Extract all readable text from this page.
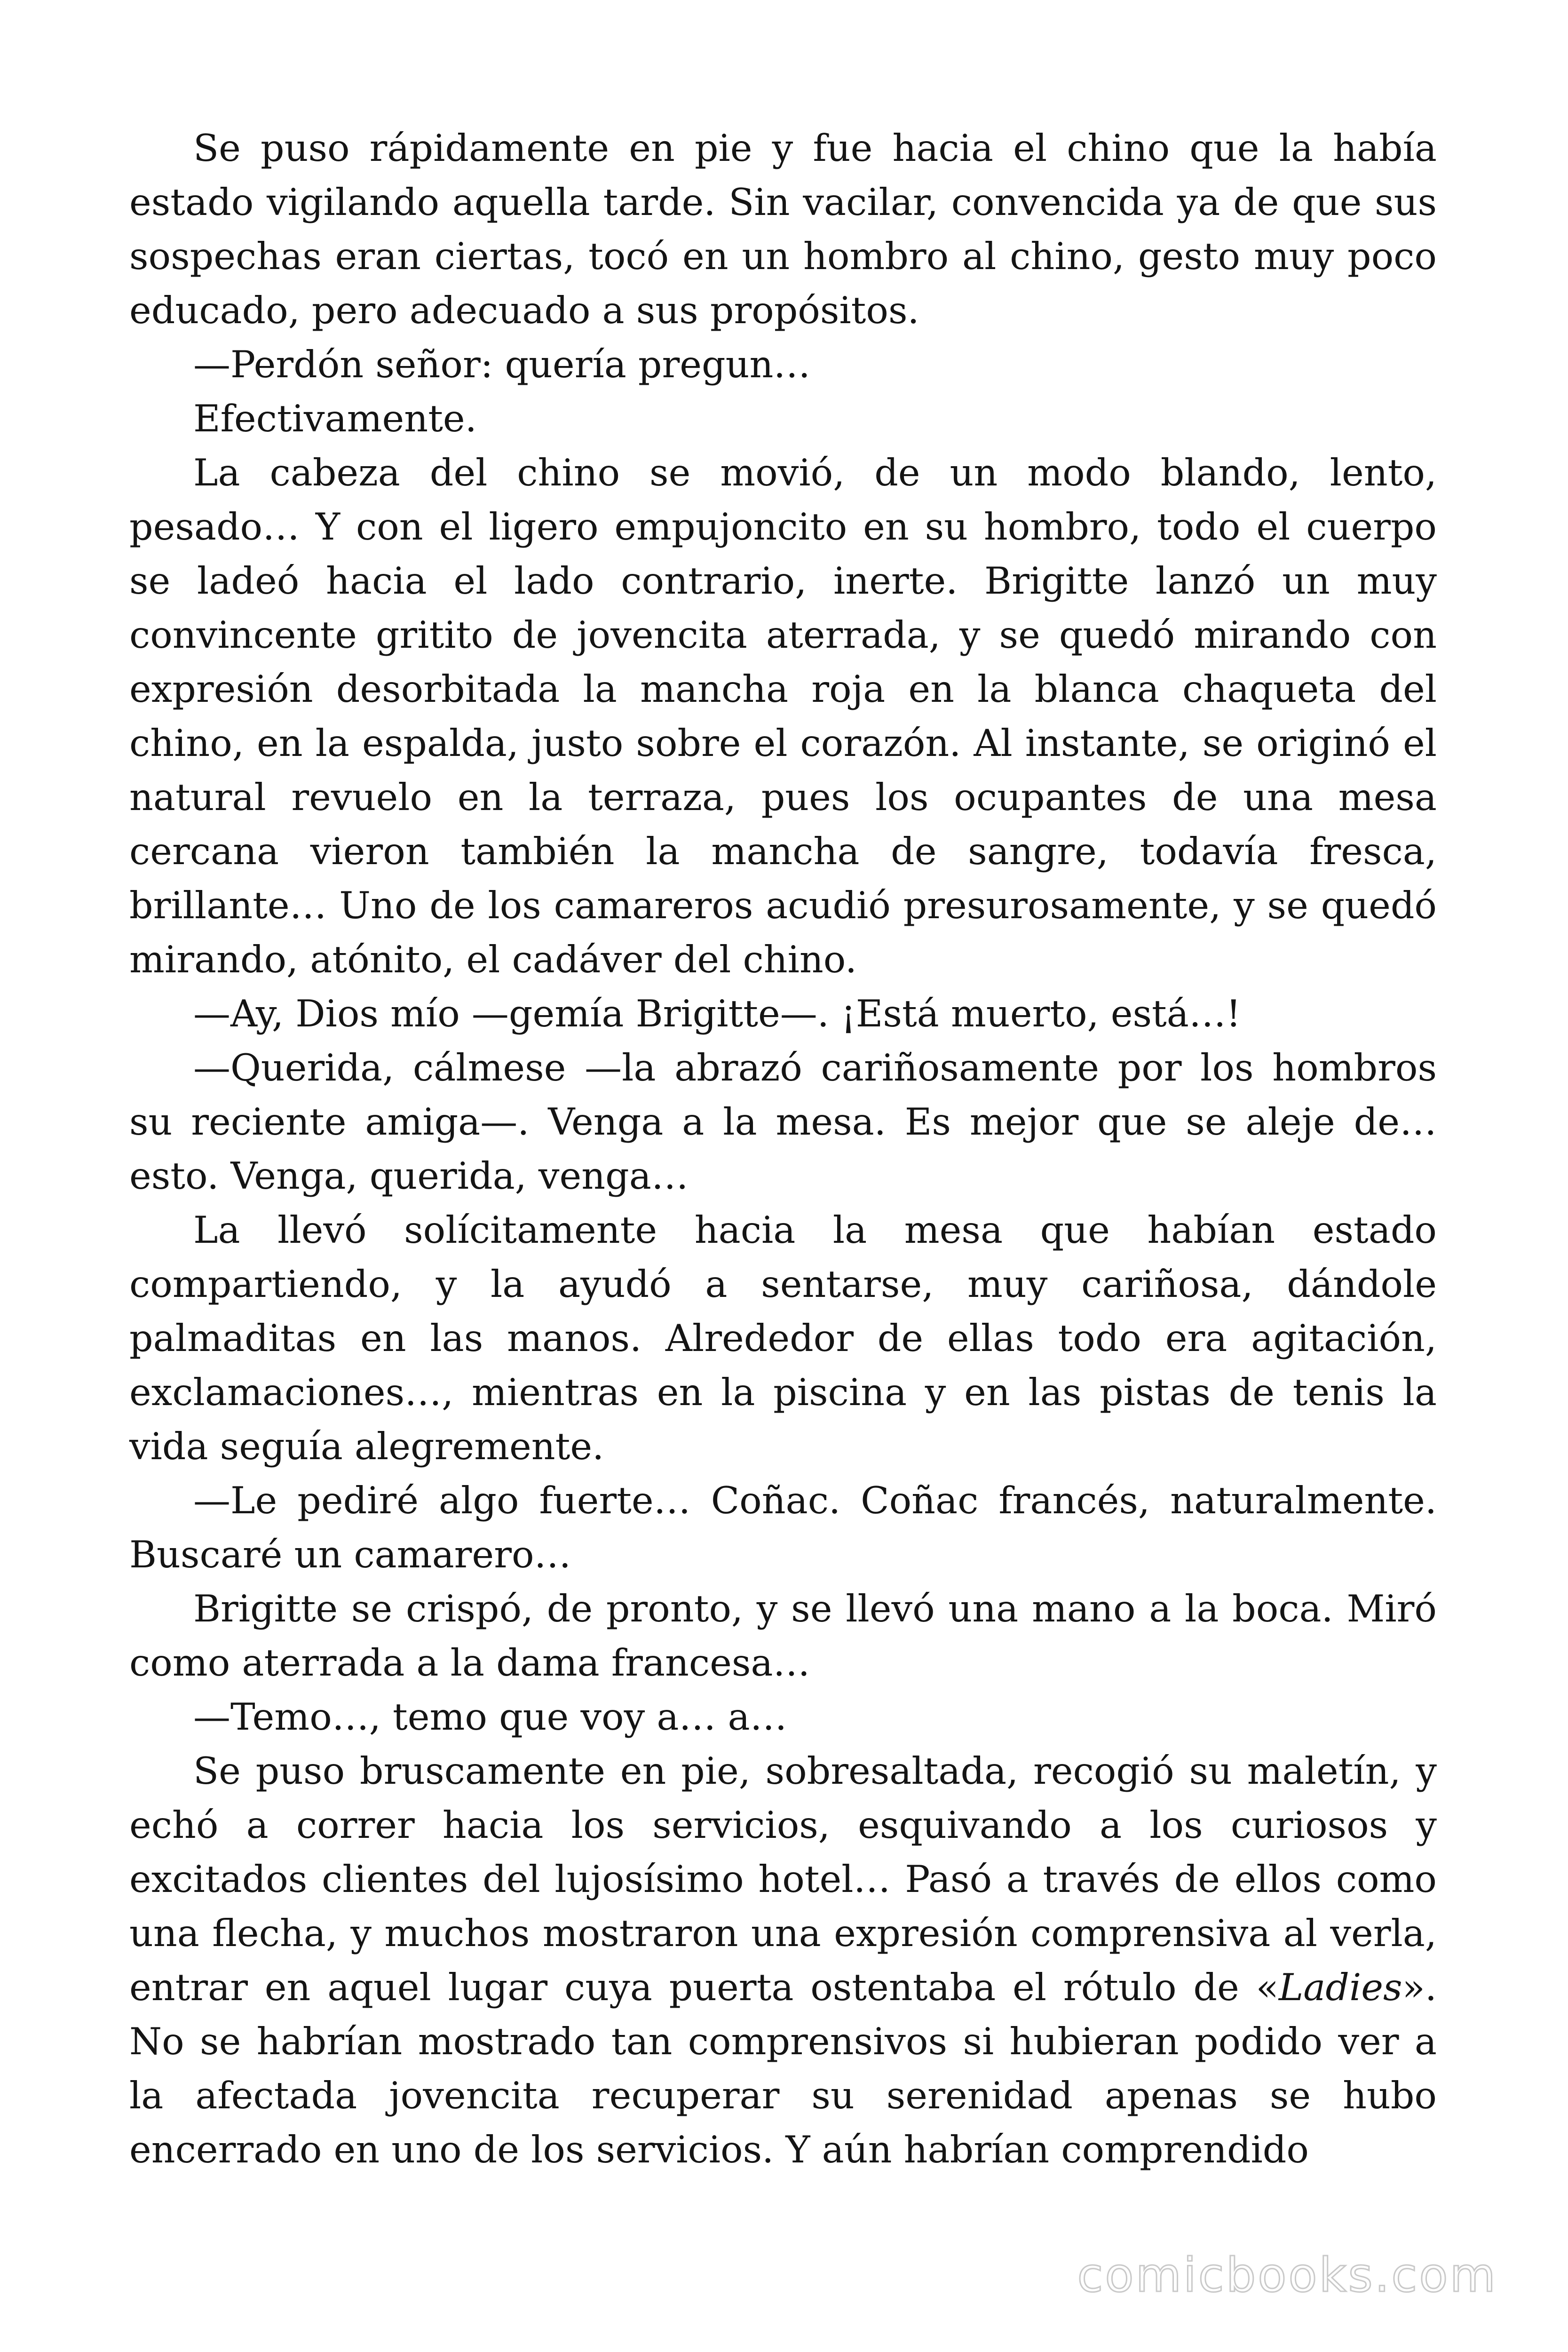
Se puso rápidamente en pie y fue hacia el chino que la había estado vigilando aquella tarde. Sin vacilar, convencida ya de que sus sospechas eran ciertas, tocó en un hombro al chino, gesto muy poco educado, pero adecuado a sus propósitos.

—Perdón señor: quería pregun…

Efectivamente.

La cabeza del chino se movió, de un modo blando, lento, pesado… Y con el ligero empujoncito en su hombro, todo el cuerpo se ladeó hacia el lado contrario, inerte. Brigitte lanzó un muy convincente gritito de jovencita aterrada, y se quedó mirando con expresión desorbitada la mancha roja en la blanca chaqueta del chino, en la espalda, justo sobre el corazón. Al instante, se originó el natural revuelo en la terraza, pues los ocupantes de una mesa cercana vieron también la mancha de sangre, todavía fresca, brillante… Uno de los camareros acudió presurosamente, y se quedó mirando, atónito, el cadáver del chino.

—Ay, Dios mío —gemía Brigitte—. ¡Está muerto, está…!

—Querida, cálmese —la abrazó cariñosamente por los hombros su reciente amiga—. Venga a la mesa. Es mejor que se aleje de… esto. Venga, querida, venga…

La llevó solícitamente hacia la mesa que habían estado compartiendo, y la ayudó a sentarse, muy cariñosa, dándole palmaditas en las manos. Alrededor de ellas todo era agitación, exclamaciones…, mientras en la piscina y en las pistas de tenis la vida seguía alegremente.

—Le pediré algo fuerte… Coñac. Coñac francés, naturalmente. Buscaré un camarero…

Brigitte se crispó, de pronto, y se llevó una mano a la boca. Miró como aterrada a la dama francesa…

—Temo…, temo que voy a… a…

Se puso bruscamente en pie, sobresaltada, recogió su maletín, y echó a correr hacia los servicios, esquivando a los curiosos y excitados clientes del lujosísimo hotel… Pasó a través de ellos como una flecha, y muchos mostraron una expresión comprensiva al verla, entrar en aquel lugar cuya puerta ostentaba el rótulo de «Ladies». No se habrían mostrado tan comprensivos si hubieran podido ver a la afectada jovencita recuperar su serenidad apenas se hubo encerrado en uno de los servicios. Y aún habrían comprendido

comicbooks.com
